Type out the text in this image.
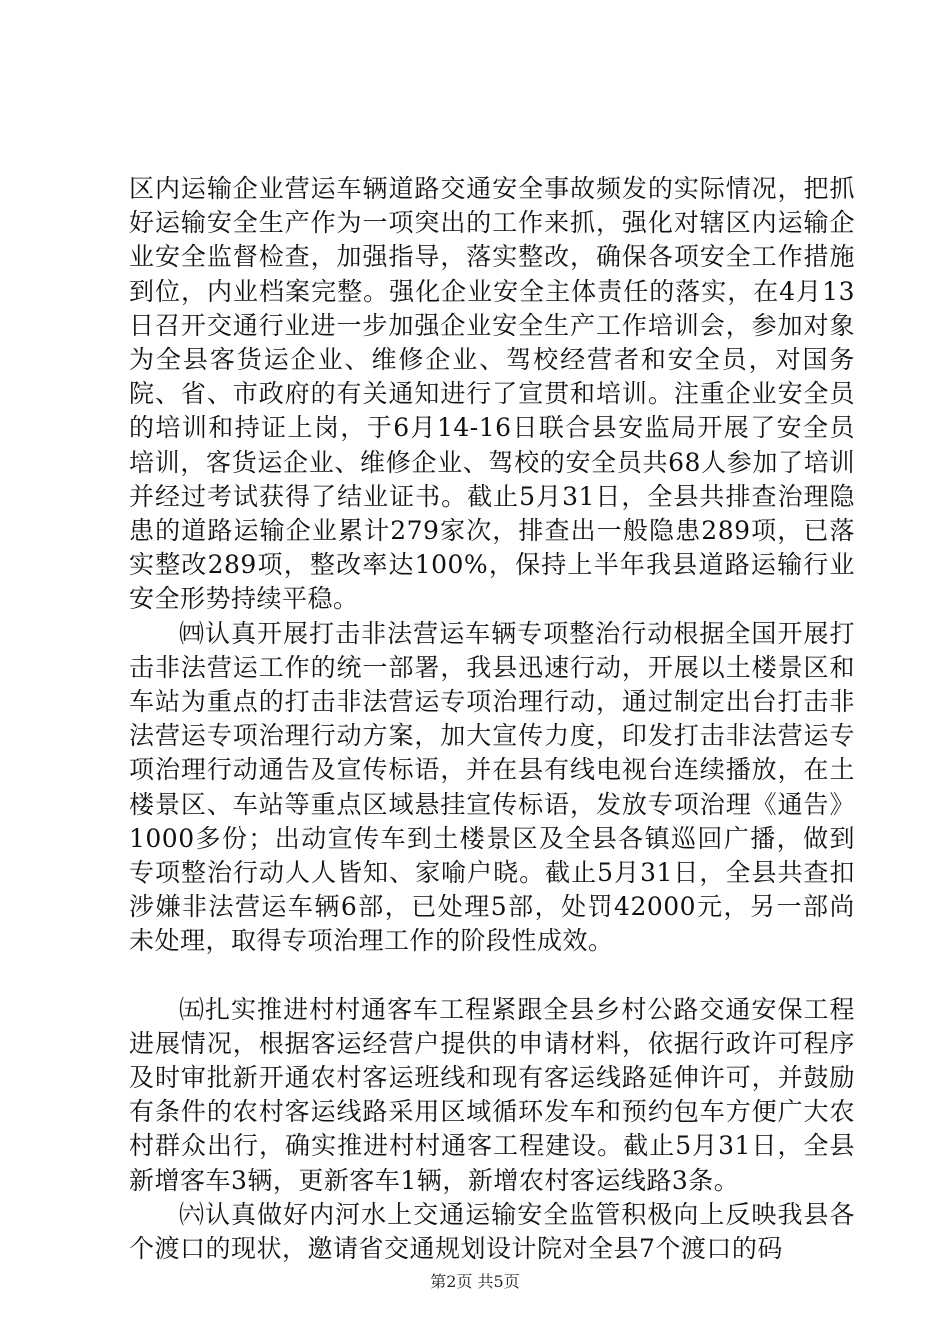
区内运输企业营运车辆道路交通安全事故频发的实际情况，把抓好运输安全生产作为一项突出的工作来抓，强化对辖区内运输企业安全监督检查，加强指导，落实整改，确保各项安全工作措施到位，内业档案完整。强化企业安全主体责任的落实，在4月13日召开交通行业进一步加强企业安全生产工作培训会，参加对象为全县客货运企业、维修企业、驾校经营者和安全员，对国务院、省、市政府的有关通知进行了宣贯和培训。注重企业安全员的培训和持证上岗，于6月14-16日联合县安监局开展了安全员培训，客货运企业、维修企业、驾校的安全员共68人参加了培训并经过考试获得了结业证书。截止5月31日，全县共排查治理隐患的道路运输企业累计279家次，排查出一般隐患289项，已落实整改289项，整改率达100%，保持上半年我县道路运输行业安全形势持续平稳。

㈣认真开展打击非法营运车辆专项整治行动根据全国开展打击非法营运工作的统一部署，我县迅速行动，开展以土楼景区和车站为重点的打击非法营运专项治理行动，通过制定出台打击非法营运专项治理行动方案，加大宣传力度，印发打击非法营运专项治理行动通告及宣传标语，并在县有线电视台连续播放，在土楼景区、车站等重点区域悬挂宣传标语，发放专项治理《通告》1000多份；出动宣传车到土楼景区及全县各镇巡回广播，做到专项整治行动人人皆知、家喻户晓。截止5月31日，全县共查扣涉嫌非法营运车辆6部，已处理5部，处罚42000元，另一部尚未处理，取得专项治理工作的阶段性成效。

㈤扎实推进村村通客车工程紧跟全县乡村公路交通安保工程进展情况，根据客运经营户提供的申请材料，依据行政许可程序及时审批新开通农村客运班线和现有客运线路延伸许可，并鼓励有条件的农村客运线路采用区域循环发车和预约包车方便广大农村群众出行，确实推进村村通客工程建设。截止5月31日，全县新增客车3辆，更新客车1辆，新增农村客运线路3条。

㈥认真做好内河水上交通运输安全监管积极向上反映我县各个渡口的现状，邀请省交通规划设计院对全县7个渡口的码

第2页 共5页
